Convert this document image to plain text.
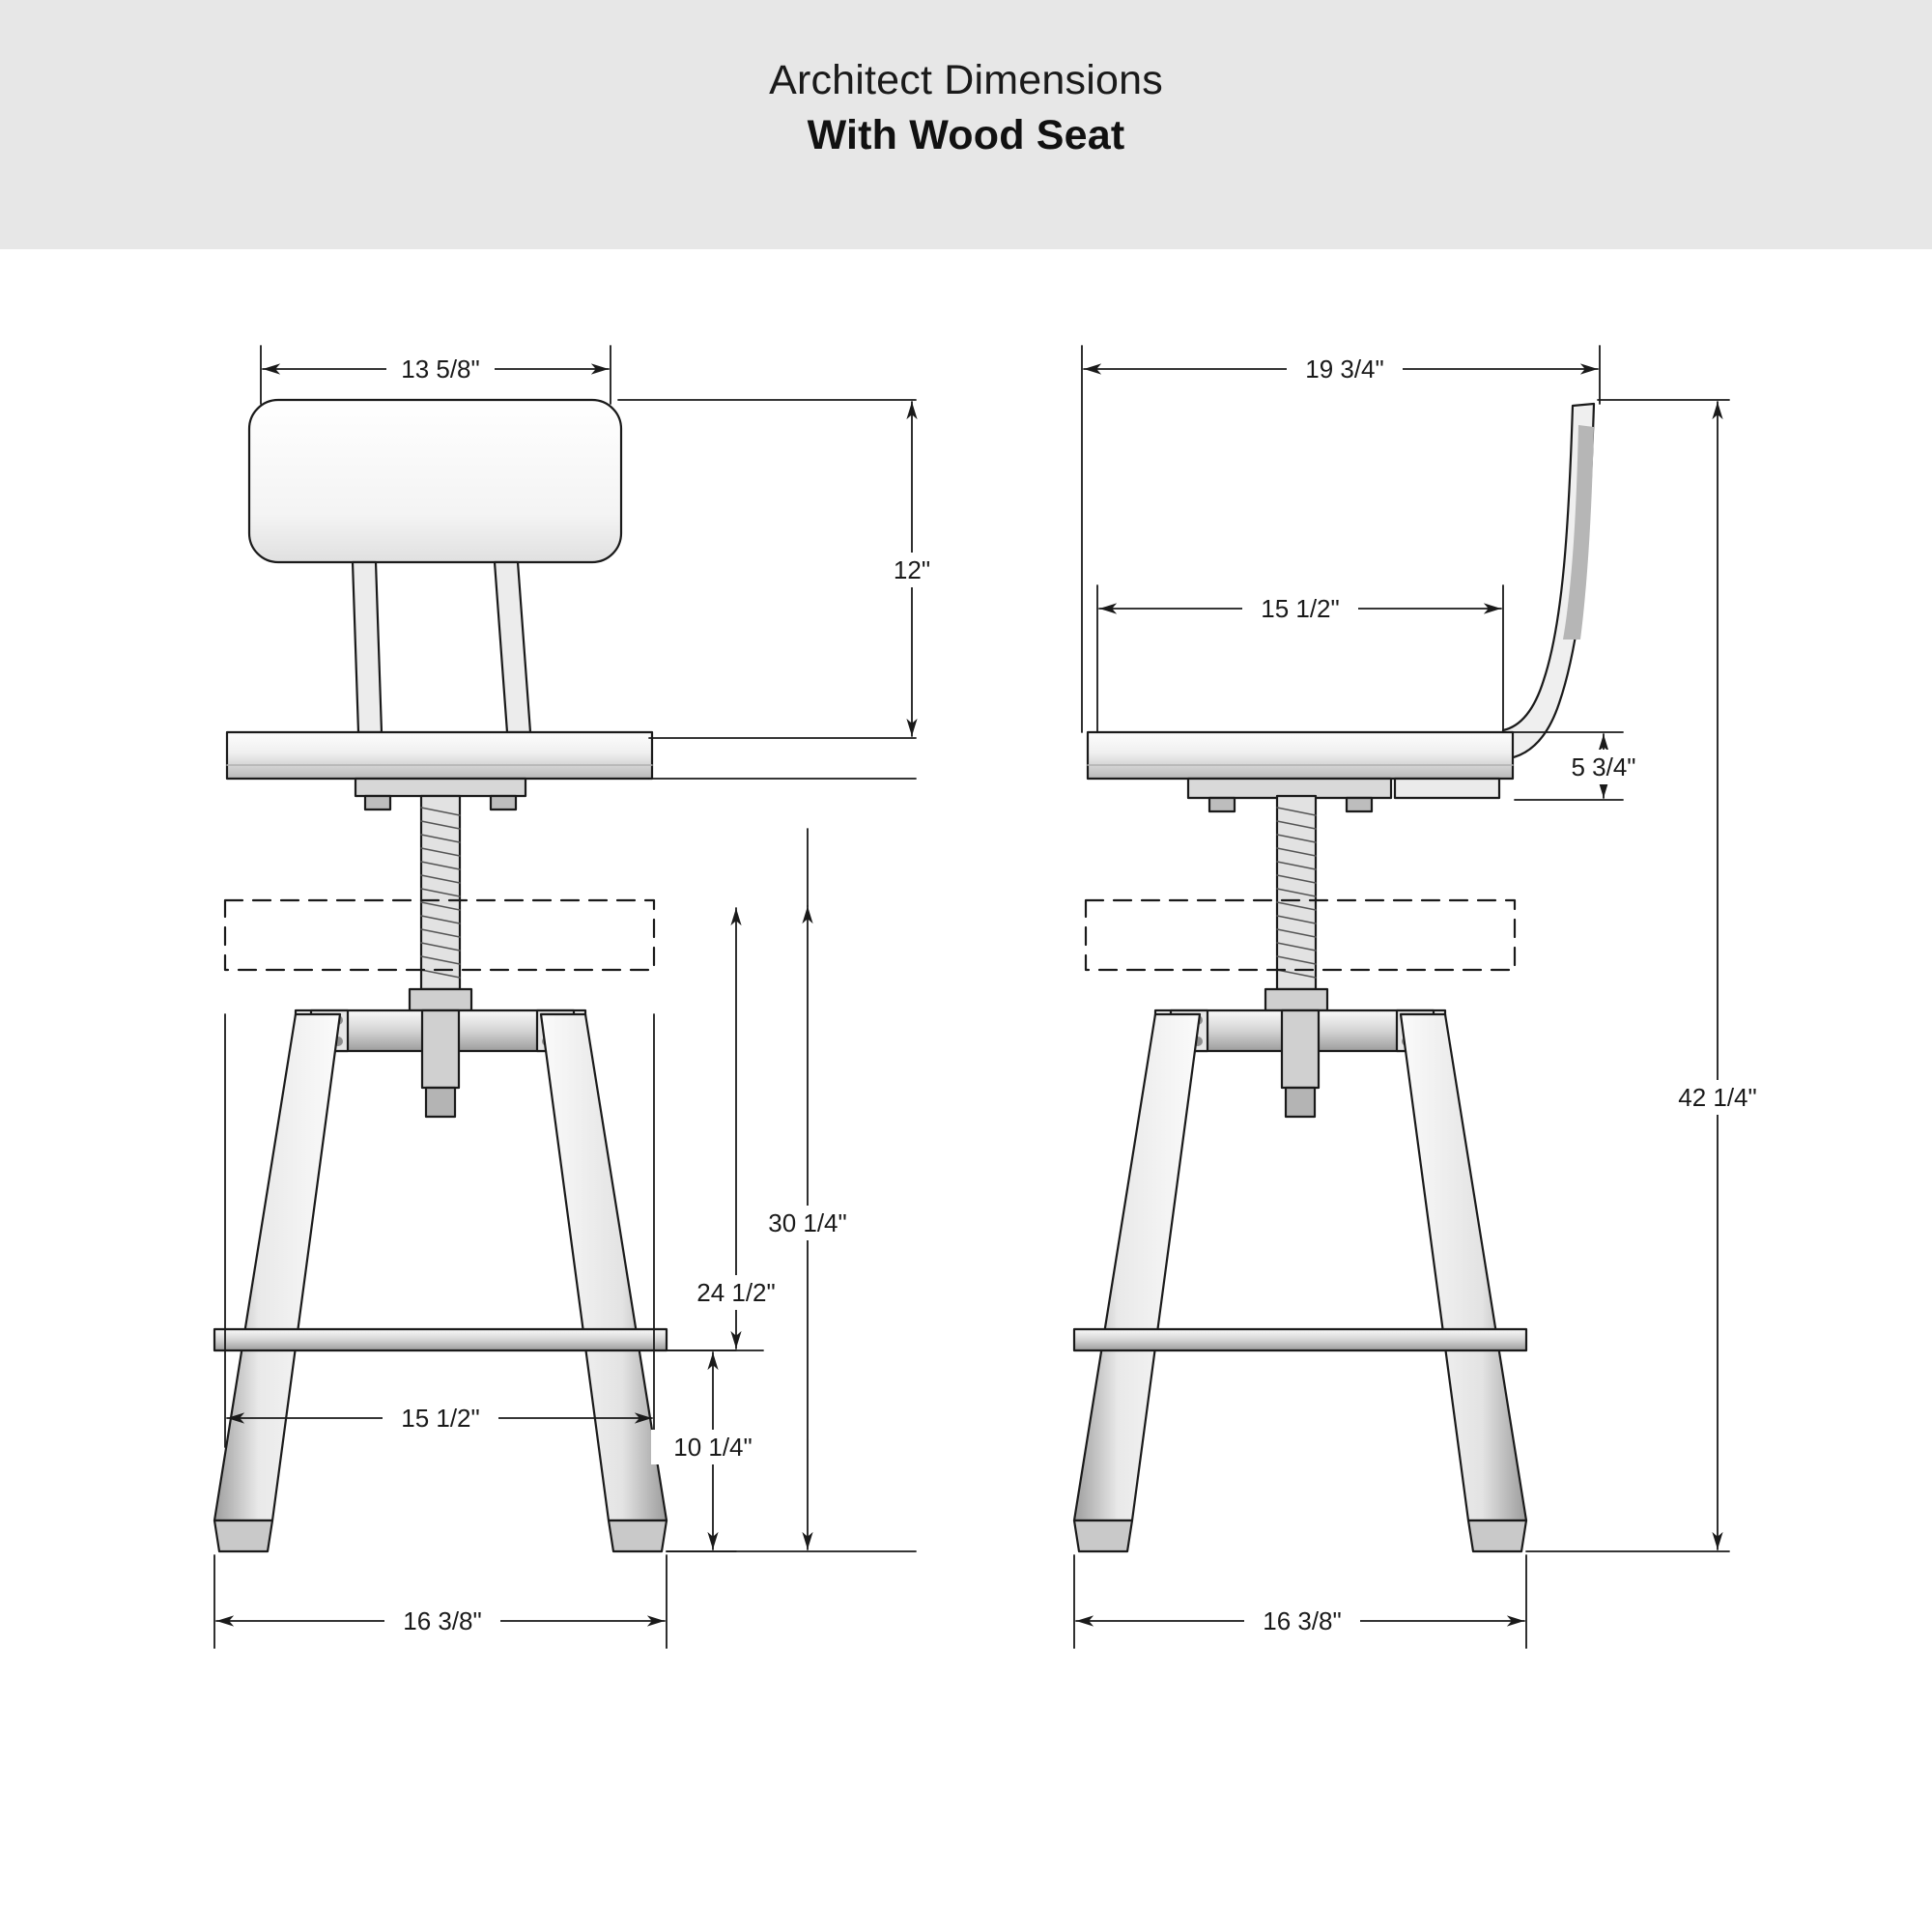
Architect Dimensions
With Wood Seat
13 5/8"
12"
15 1/2"
30 1/4"
24 1/2"
10 1/4"
16 3/8"
19 3/4"
15 1/2"
5 3/4"
42 1/4"
16 3/8"
